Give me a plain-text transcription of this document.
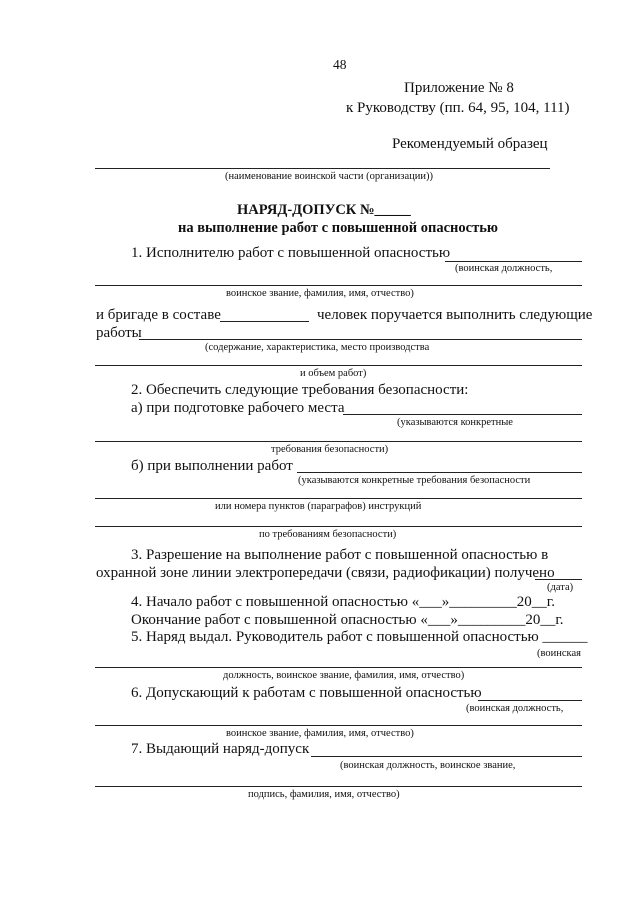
48
Приложение № 8
к Руководству (пп. 64, 95, 104, 111)
Рекомендуемый образец
(наименование воинской части (организации))
НАРЯД-ДОПУСК №_____
на выполнение работ с повышенной опасностью
1. Исполнителю работ с повышенной опасностью
(воинская должность,
воинское звание, фамилия, имя, отчество)
и бригаде в составе	человек поручается выполнить следующие
работы
(содержание, характеристика, место производства
и объем работ)
2. Обеспечить следующие требования безопасности:
а) при подготовке рабочего места
(указываются конкретные
требования безопасности)
б) при выполнении работ
(указываются конкретные требования безопасности
или номера пунктов (параграфов) инструкций
по требованиям безопасности)
3. Разрешение на выполнение работ с повышенной опасностью в
охранной зоне линии электропередачи (связи, радиофикации) получено
(дата)
4. Начало работ с повышенной опасностью «___»_________20__г.
Окончание работ с повышенной опасностью «___»_________20__г.
5. Наряд выдал. Руководитель работ с повышенной опасностью ______
(воинская
должность, воинское звание, фамилия, имя, отчество)
6. Допускающий к работам с повышенной опасностью
(воинская должность,
воинское звание, фамилия, имя, отчество)
7. Выдающий наряд-допуск
(воинская должность, воинское звание,
подпись, фамилия, имя, отчество)
